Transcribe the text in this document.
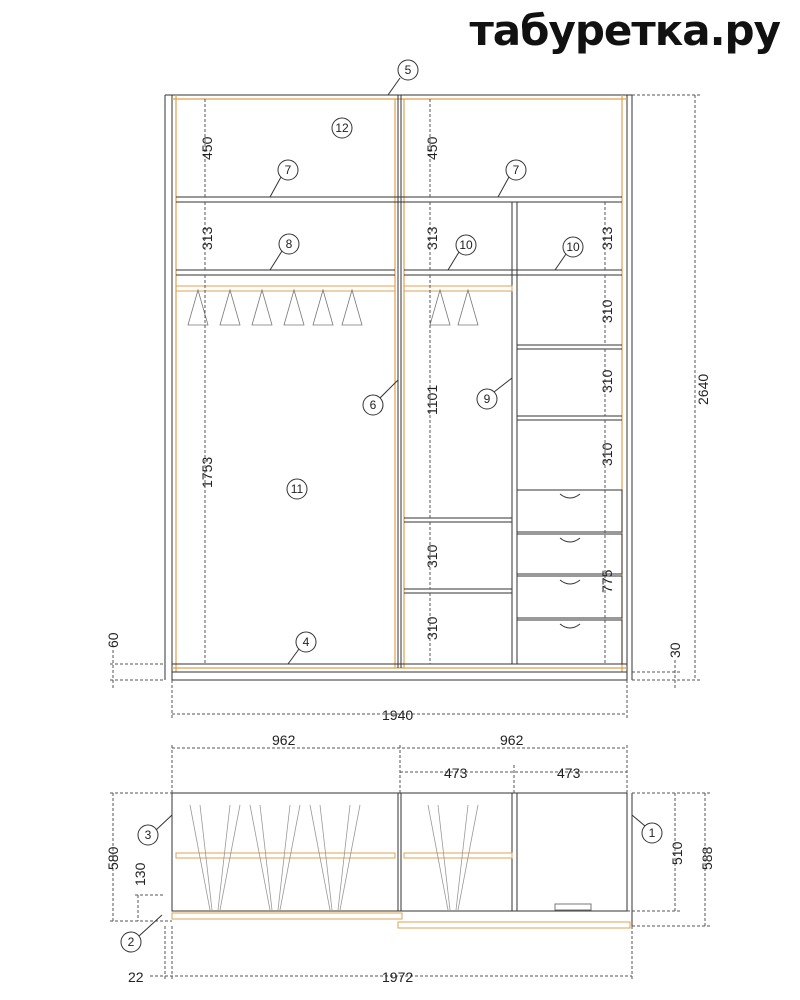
табуретка.ру
450	450
313	313	313
1753
1101
310
310
310
310
310
775
60
30
2640
1940
5
12
7	7
8	10	10
6	9
11
4
962	962
473	473
580
130
510 588
22	1972
3	1
2
